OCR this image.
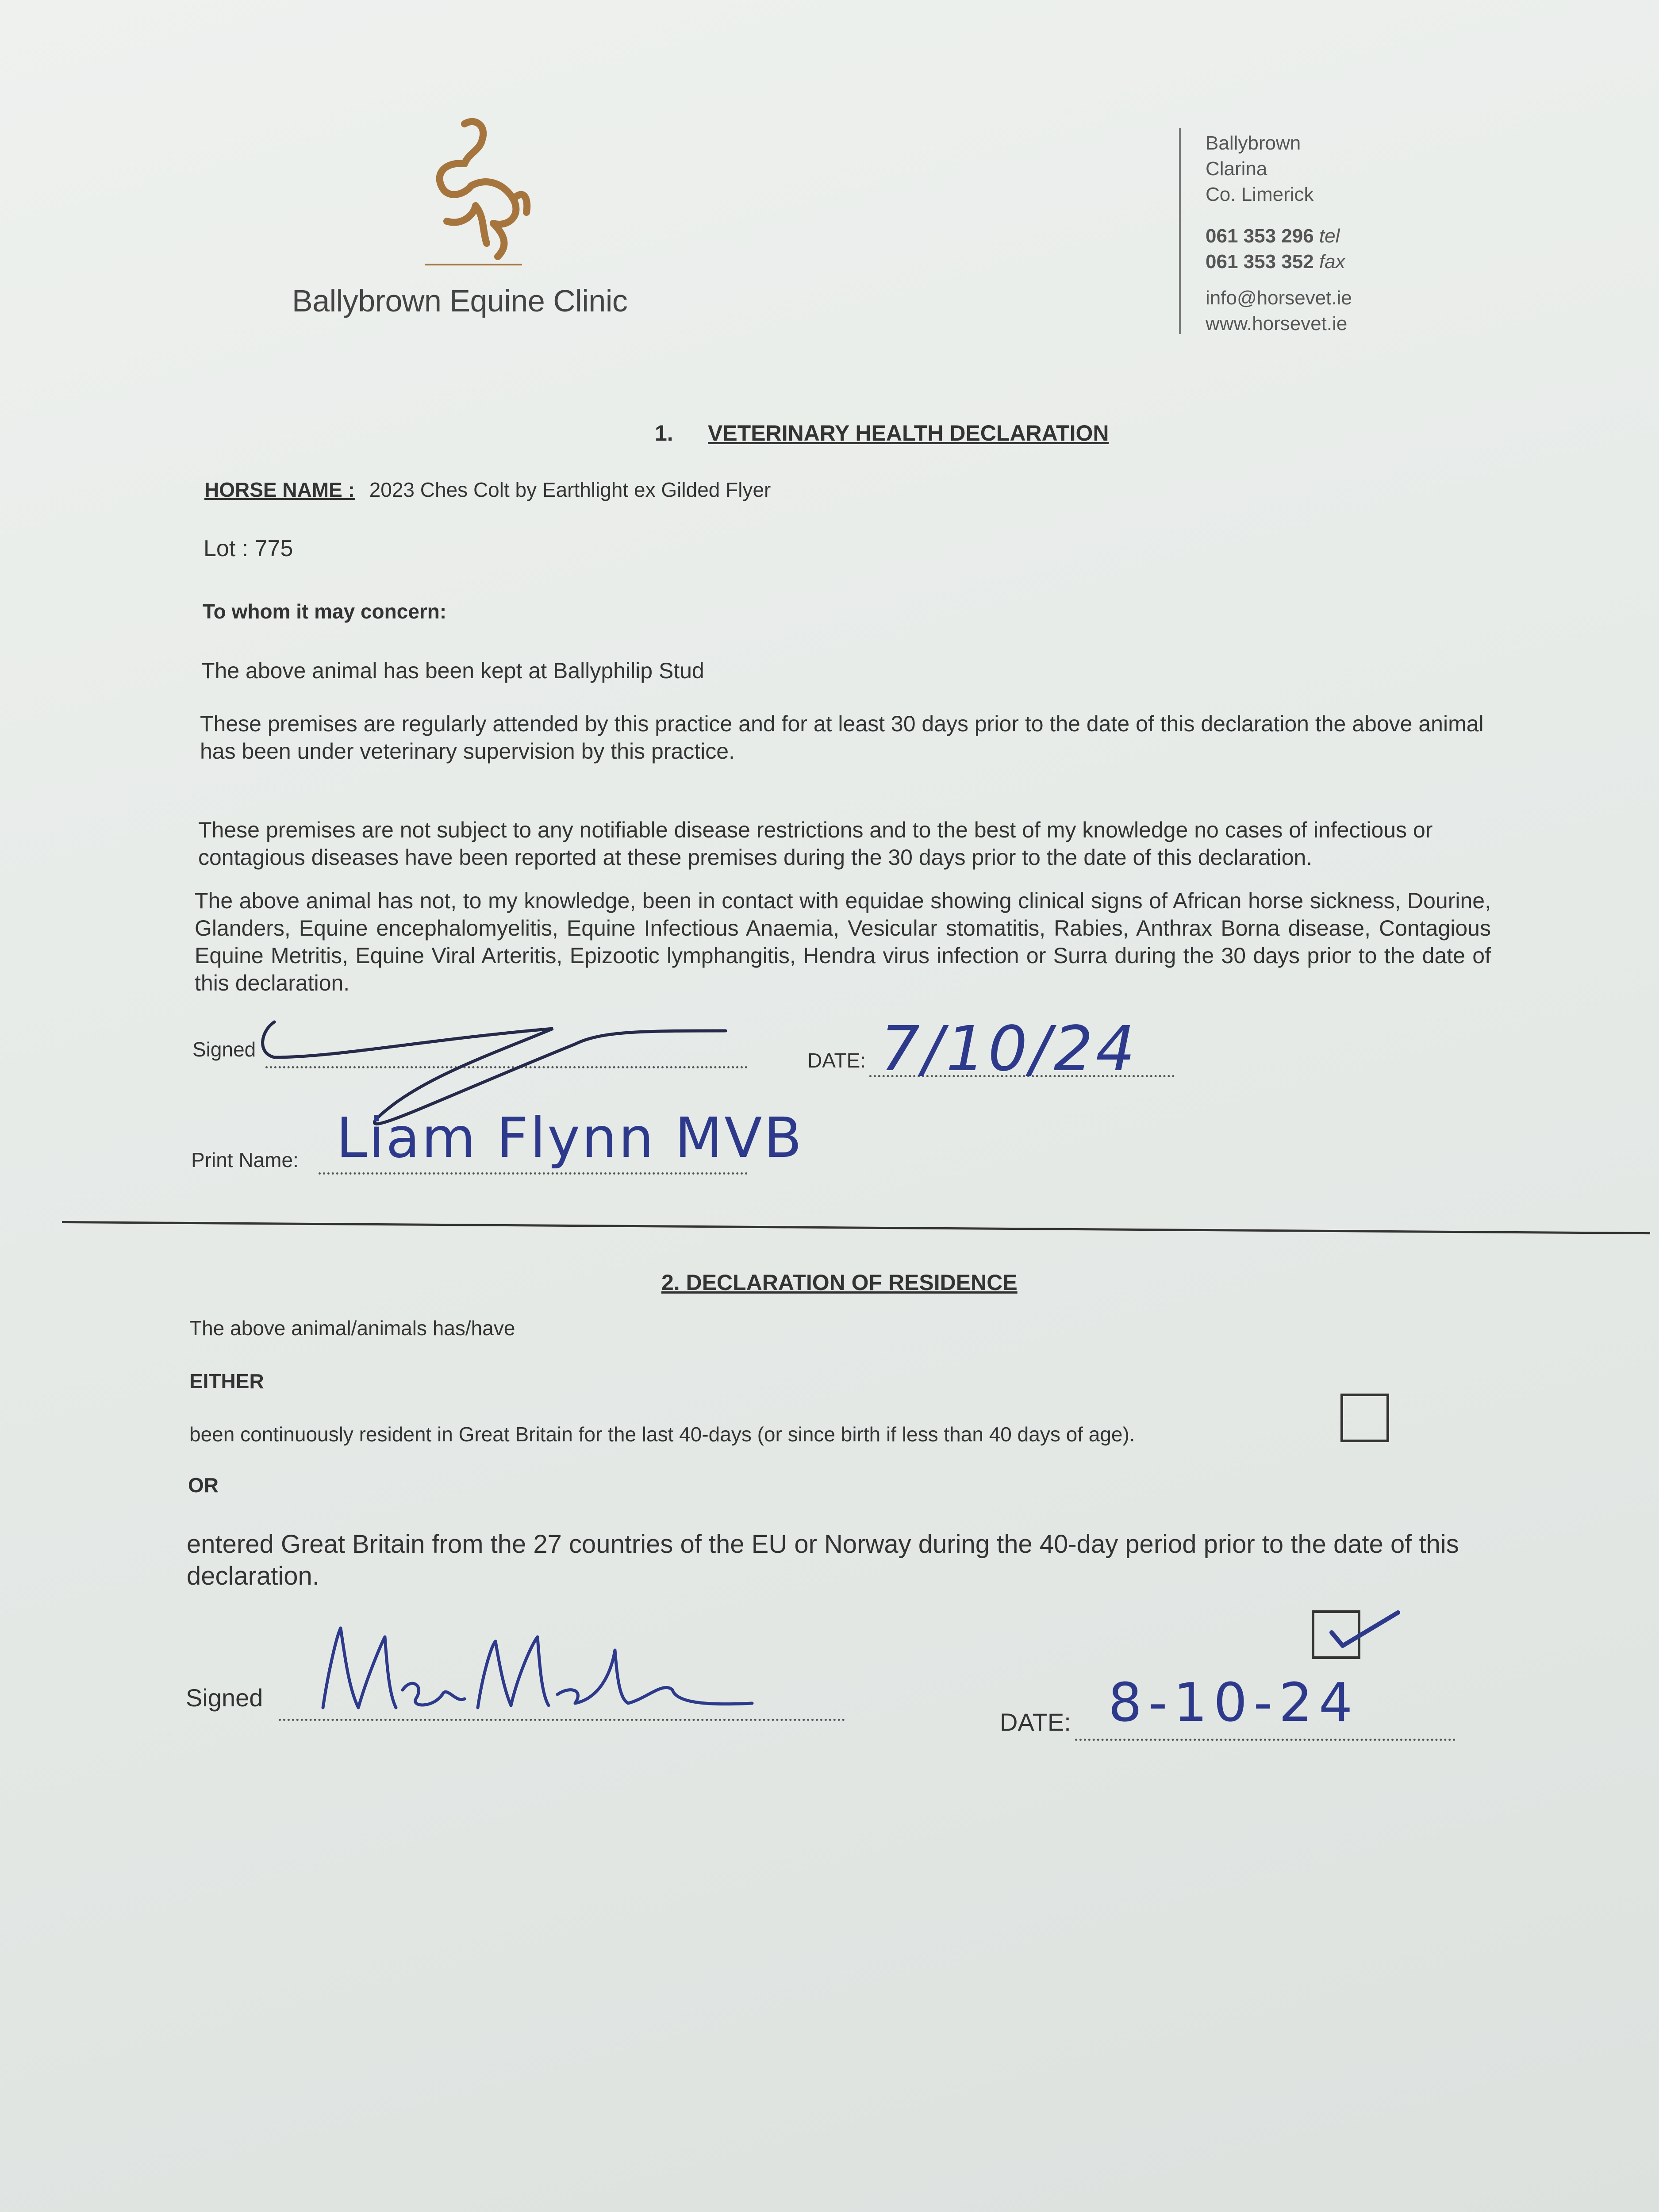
Ballybrown Equine Clinic
Ballybrown
Clarina
Co. Limerick
061 353 296 tel
061 353 352 fax
info@horsevet.ie
www.horsevet.ie
1. VETERINARY HEALTH DECLARATION
HORSE NAME : 2023 Ches Colt by Earthlight ex Gilded Flyer
Lot : 775
To whom it may concern:
The above animal has been kept at Ballyphilip Stud
These premises are regularly attended by this practice and for at least 30 days prior to the date of this declaration the above animal has been under veterinary supervision by this practice.
These premises are not subject to any notifiable disease restrictions and to the best of my knowledge no cases of infectious or contagious diseases have been reported at these premises during the 30 days prior to the date of this declaration.
The above animal has not, to my knowledge, been in contact with equidae showing clinical signs of African horse sickness, Dourine, Glanders, Equine encephalomyelitis, Equine Infectious Anaemia, Vesicular stomatitis, Rabies, Anthrax Borna disease, Contagious Equine Metritis, Equine Viral Arteritis, Epizootic lymphangitis, Hendra virus infection or Surra during the 30 days prior to the date of this declaration.
Signed	DATE: 7/10/24
Print Name: Liam Flynn MVB
2. DECLARATION OF RESIDENCE
The above animal/animals has/have
EITHER
been continuously resident in Great Britain for the last 40-days (or since birth if less than 40 days of age).
OR
entered Great Britain from the 27 countries of the EU or Norway during the 40-day period prior to the date of this declaration.
Signed
DATE: 8-10-24
